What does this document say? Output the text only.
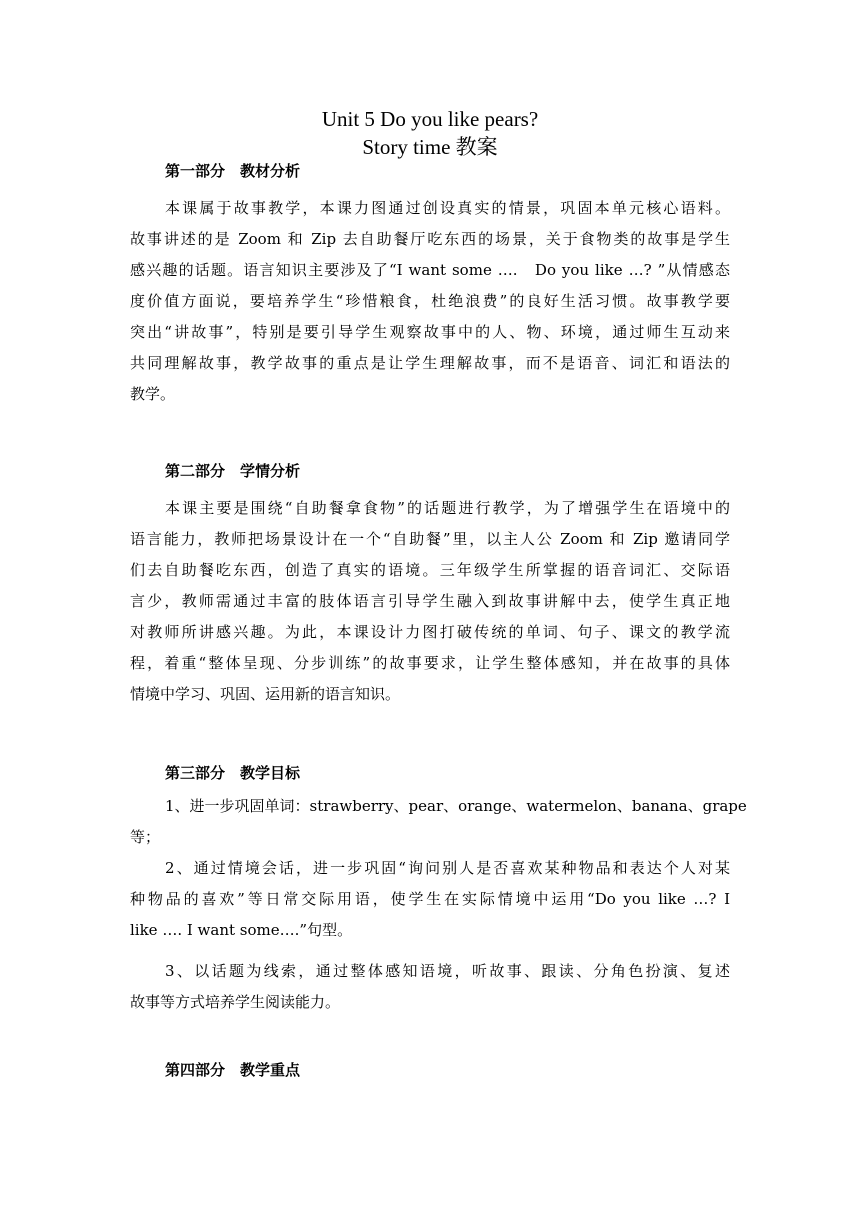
Unit 5 Do you like pears?
Story time 教案
第一部分　教材分析
本课属于故事教学，本课力图通过创设真实的情景，巩固本单元核心语料。
故事讲述的是 Zoom 和 Zip 去自助餐厅吃东西的场景，关于食物类的故事是学生
感兴趣的话题。语言知识主要涉及了“I want some ….　Do you like …? ”从情感态
度价值方面说，要培养学生“珍惜粮食，杜绝浪费”的良好生活习惯。故事教学要
突出“讲故事”，特别是要引导学生观察故事中的人、物、环境，通过师生互动来
共同理解故事，教学故事的重点是让学生理解故事，而不是语音、词汇和语法的
教学。
第二部分　学情分析
本课主要是围绕“自助餐拿食物”的话题进行教学，为了增强学生在语境中的
语言能力，教师把场景设计在一个“自助餐”里，以主人公 Zoom 和 Zip 邀请同学
们去自助餐吃东西，创造了真实的语境。三年级学生所掌握的语音词汇、交际语
言少，教师需通过丰富的肢体语言引导学生融入到故事讲解中去，使学生真正地
对教师所讲感兴趣。为此，本课设计力图打破传统的单词、句子、课文的教学流
程，着重“整体呈现、分步训练”的故事要求，让学生整体感知，并在故事的具体
情境中学习、巩固、运用新的语言知识。
第三部分　教学目标
1、进一步巩固单词：strawberry、pear、orange、watermelon、banana、grape
等；
2、通过情境会话，进一步巩固“询问别人是否喜欢某种物品和表达个人对某
种物品的喜欢”等日常交际用语，使学生在实际情境中运用“Do you like …? I
like …. I want some….”句型。
3、以话题为线索，通过整体感知语境，听故事、跟读、分角色扮演、复述
故事等方式培养学生阅读能力。
第四部分　教学重点
